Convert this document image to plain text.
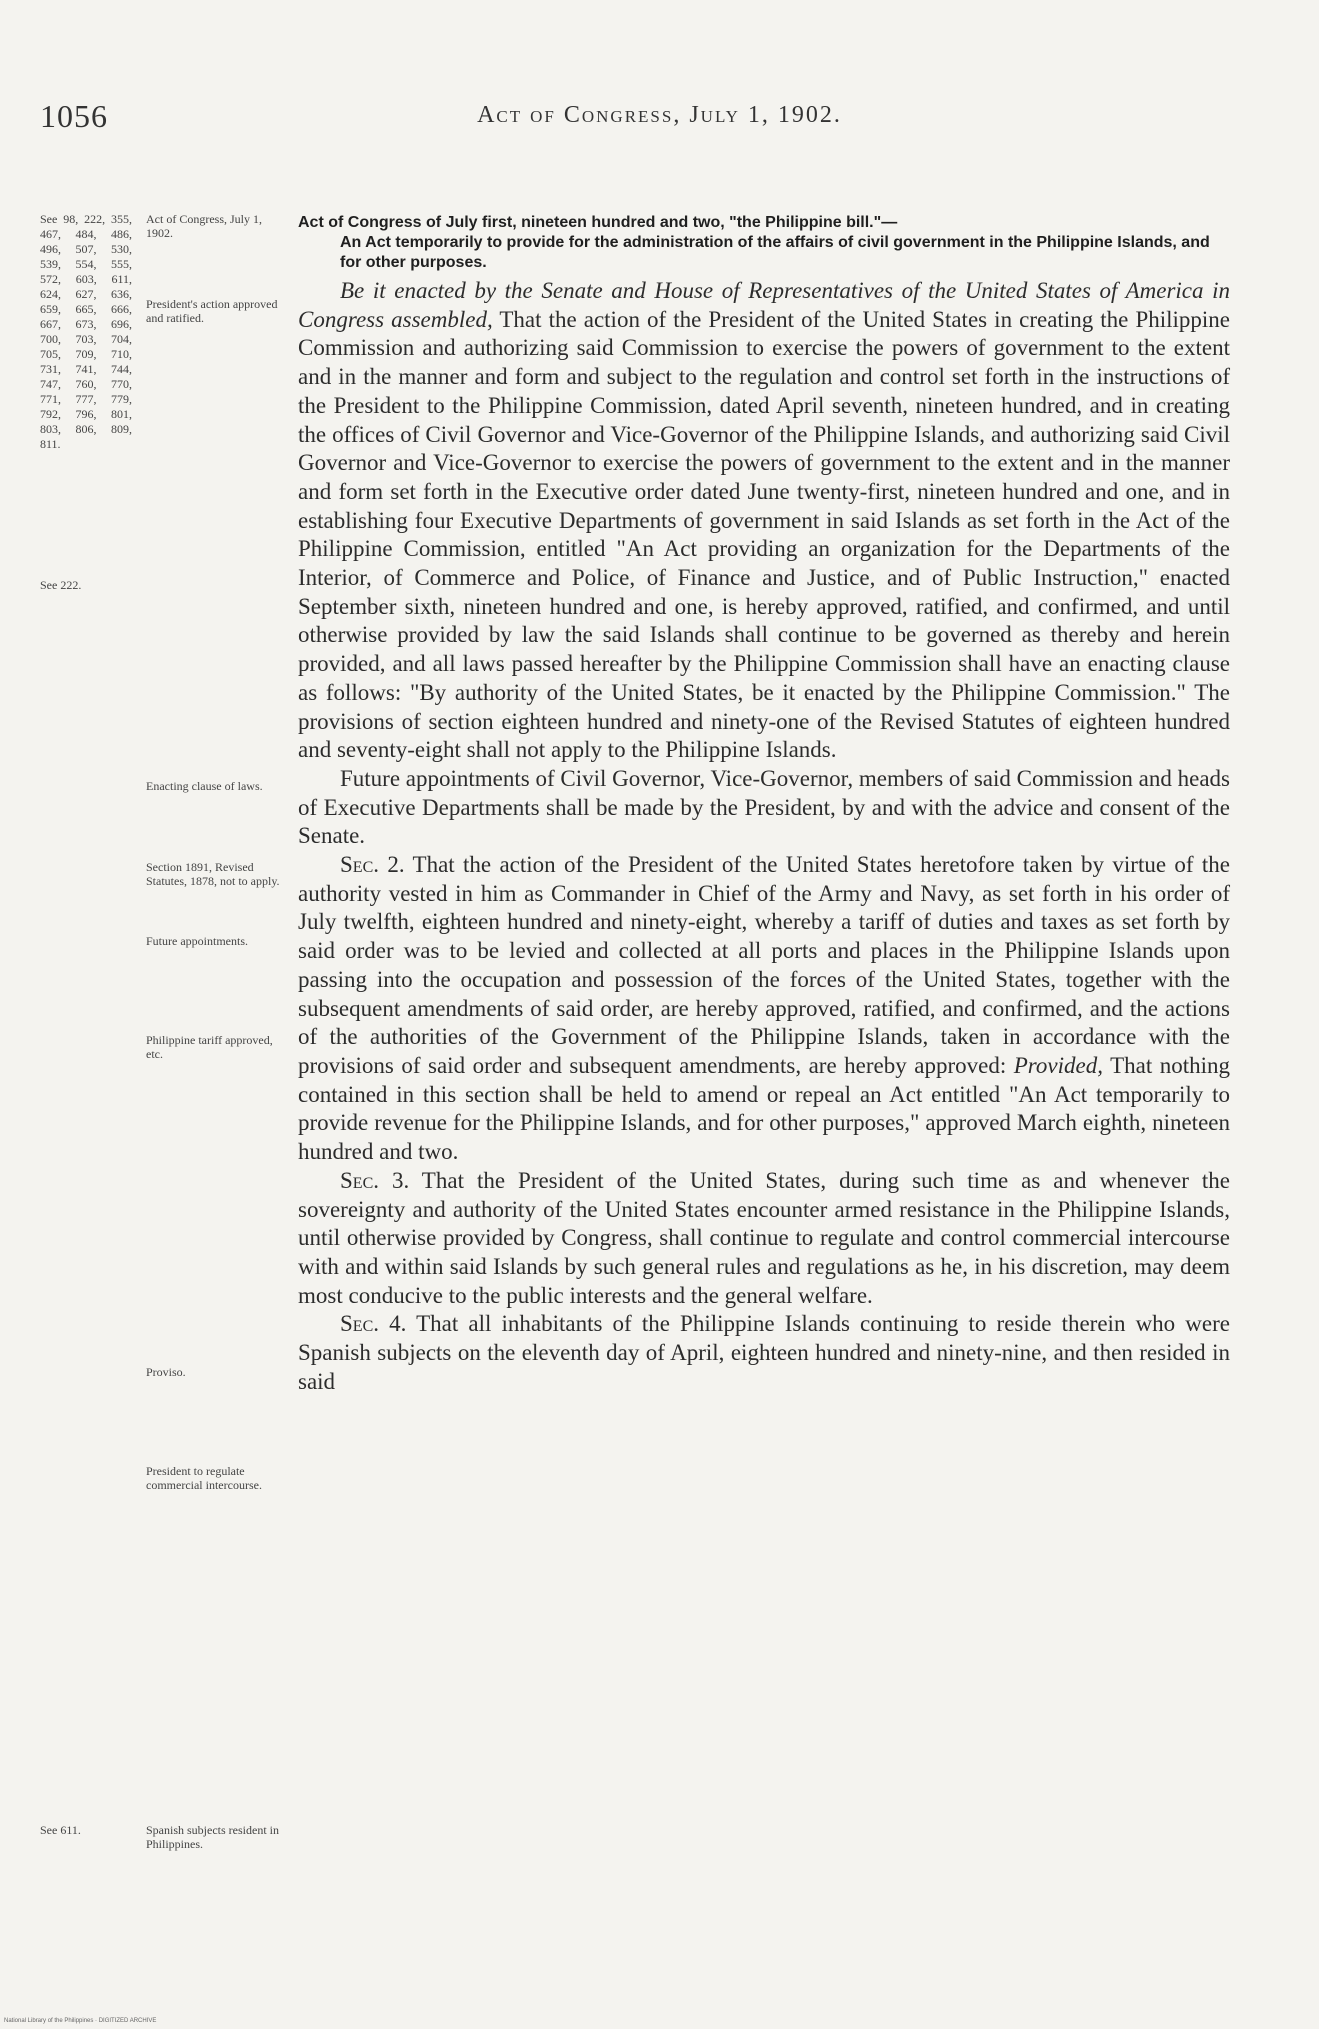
1056	Act of Congress, July 1, 1902.
See 98, 222, 355, 467, 484, 486, 496, 507, 530, 539, 554, 555, 572, 603, 611, 624, 627, 636, 659, 665, 666, 667, 673, 696, 700, 703, 704, 705, 709, 710, 731, 741, 744, 747, 760, 770, 771, 777, 779, 792, 796, 801, 803, 806, 809, 811.
See 222.
See 611.
Act of Congress, July 1, 1902.
President's action approved and ratified.
Enacting clause of laws.
Section 1891, Revised Statutes, 1878, not to apply.
Future appointments.
Philippine tariff approved, etc.
Proviso.
President to regulate commercial intercourse.
Spanish subjects resident in Philippines.
Act of Congress of July first, nineteen hundred and two, "the Philippine bill."—
An Act temporarily to provide for the administration of the affairs of civil government in the Philippine Islands, and for other purposes.

Be it enacted by the Senate and House of Representatives of the United States of America in Congress assembled, That the action of the President of the United States in creating the Philippine Commission and authorizing said Commission to exercise the powers of government to the extent and in the manner and form and subject to the regulation and control set forth in the instructions of the President to the Philippine Commission, dated April seventh, nineteen hundred, and in creating the offices of Civil Governor and Vice-Governor of the Philippine Islands, and authorizing said Civil Governor and Vice-Governor to exercise the powers of government to the extent and in the manner and form set forth in the Executive order dated June twenty-first, nineteen hundred and one, and in establishing four Executive Departments of government in said Islands as set forth in the Act of the Philippine Commission, entitled "An Act providing an organization for the Departments of the Interior, of Commerce and Police, of Finance and Justice, and of Public Instruction," enacted September sixth, nineteen hundred and one, is hereby approved, ratified, and confirmed, and until otherwise provided by law the said Islands shall continue to be governed as thereby and herein provided, and all laws passed hereafter by the Philippine Commission shall have an enacting clause as follows: "By authority of the United States, be it enacted by the Philippine Commission." The provisions of section eighteen hundred and ninety-one of the Revised Statutes of eighteen hundred and seventy-eight shall not apply to the Philippine Islands.

Future appointments of Civil Governor, Vice-Governor, members of said Commission and heads of Executive Departments shall be made by the President, by and with the advice and consent of the Senate.

Sec. 2. That the action of the President of the United States heretofore taken by virtue of the authority vested in him as Commander in Chief of the Army and Navy, as set forth in his order of July twelfth, eighteen hundred and ninety-eight, whereby a tariff of duties and taxes as set forth by said order was to be levied and collected at all ports and places in the Philippine Islands upon passing into the occupation and possession of the forces of the United States, together with the subsequent amendments of said order, are hereby approved, ratified, and confirmed, and the actions of the authorities of the Government of the Philippine Islands, taken in accordance with the provisions of said order and subsequent amendments, are hereby approved: Provided, That nothing contained in this section shall be held to amend or repeal an Act entitled "An Act temporarily to provide revenue for the Philippine Islands, and for other purposes," approved March eighth, nineteen hundred and two.

Sec. 3. That the President of the United States, during such time as and whenever the sovereignty and authority of the United States encounter armed resistance in the Philippine Islands, until otherwise provided by Congress, shall continue to regulate and control commercial intercourse with and within said Islands by such general rules and regulations as he, in his discretion, may deem most conducive to the public interests and the general welfare.

Sec. 4. That all inhabitants of the Philippine Islands continuing to reside therein who were Spanish subjects on the eleventh day of April, eighteen hundred and ninety-nine, and then resided in said

National Library of the Philippines · DIGITIZED ARCHIVE
